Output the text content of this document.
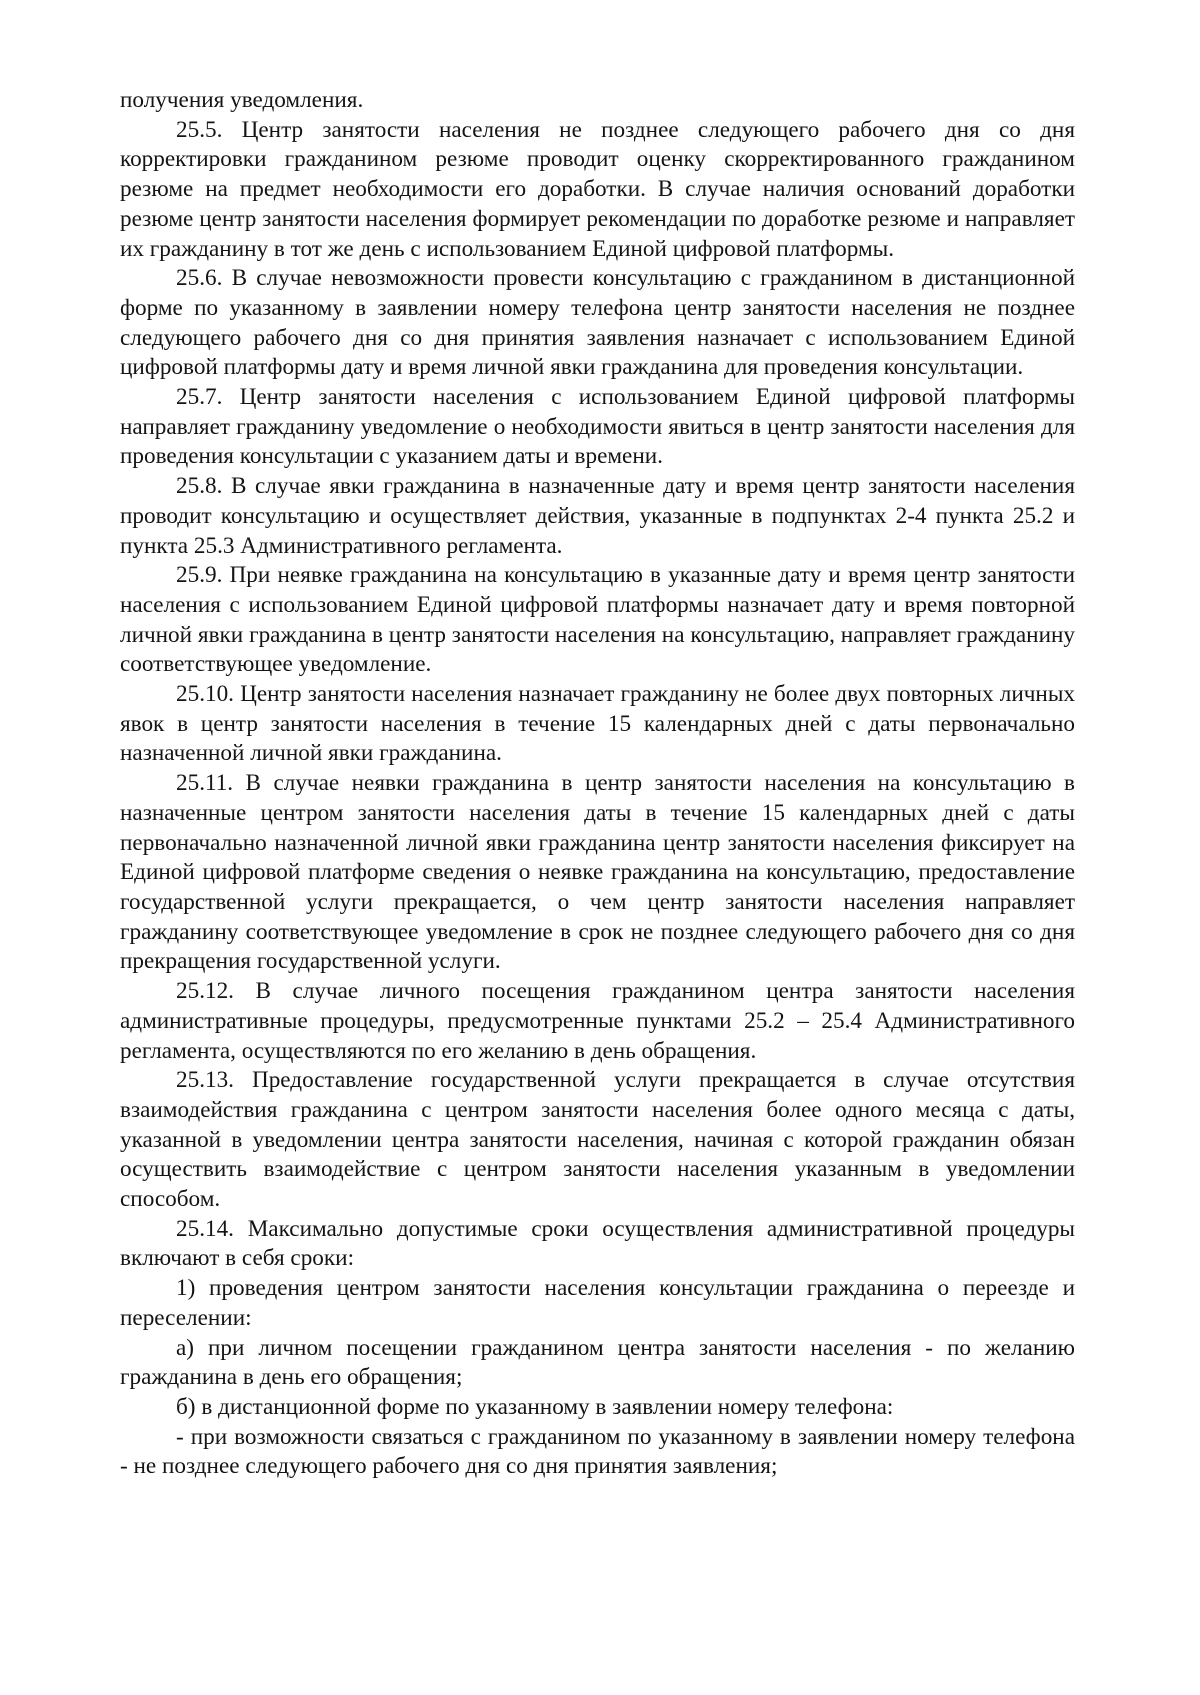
получения уведомления.

25.5. Центр занятости населения не позднее следующего рабочего дня со дня корректировки гражданином резюме проводит оценку скорректированного гражданином резюме на предмет необходимости его доработки. В случае наличия оснований доработки резюме центр занятости населения формирует рекомендации по доработке резюме и направляет их гражданину в тот же день с использованием Единой цифровой платформы.

25.6. В случае невозможности провести консультацию с гражданином в дистанционной форме по указанному в заявлении номеру телефона центр занятости населения не позднее следующего рабочего дня со дня принятия заявления назначает с использованием Единой цифровой платформы дату и время личной явки гражданина для проведения консультации.

25.7. Центр занятости населения с использованием Единой цифровой платформы направляет гражданину уведомление о необходимости явиться в центр занятости населения для проведения консультации с указанием даты и времени.

25.8. В случае явки гражданина в назначенные дату и время центр занятости населения проводит консультацию и осуществляет действия, указанные в подпунктах 2-4 пункта 25.2 и пункта 25.3 Административного регламента.

25.9. При неявке гражданина на консультацию в указанные дату и время центр занятости населения с использованием Единой цифровой платформы назначает дату и время повторной личной явки гражданина в центр занятости населения на консультацию, направляет гражданину соответствующее уведомление.

25.10. Центр занятости населения назначает гражданину не более двух повторных личных явок в центр занятости населения в течение 15 календарных дней с даты первоначально назначенной личной явки гражданина.

25.11. В случае неявки гражданина в центр занятости населения на консультацию в назначенные центром занятости населения даты в течение 15 календарных дней с даты первоначально назначенной личной явки гражданина центр занятости населения фиксирует на Единой цифровой платформе сведения о неявке гражданина на консультацию, предоставление государственной услуги прекращается, о чем центр занятости населения направляет гражданину соответствующее уведомление в срок не позднее следующего рабочего дня со дня прекращения государственной услуги.

25.12. В случае личного посещения гражданином центра занятости населения административные процедуры, предусмотренные пунктами 25.2 – 25.4 Административного регламента, осуществляются по его желанию в день обращения.

25.13. Предоставление государственной услуги прекращается в случае отсутствия взаимодействия гражданина с центром занятости населения более одного месяца с даты, указанной в уведомлении центра занятости населения, начиная с которой гражданин обязан осуществить взаимодействие с центром занятости населения указанным в уведомлении способом.

25.14. Максимально допустимые сроки осуществления административной процедуры включают в себя сроки:

1) проведения центром занятости населения консультации гражданина о переезде и переселении:

а) при личном посещении гражданином центра занятости населения - по желанию гражданина в день его обращения;

б) в дистанционной форме по указанному в заявлении номеру телефона:

- при возможности связаться с гражданином по указанному в заявлении номеру телефона - не позднее следующего рабочего дня со дня принятия заявления;
